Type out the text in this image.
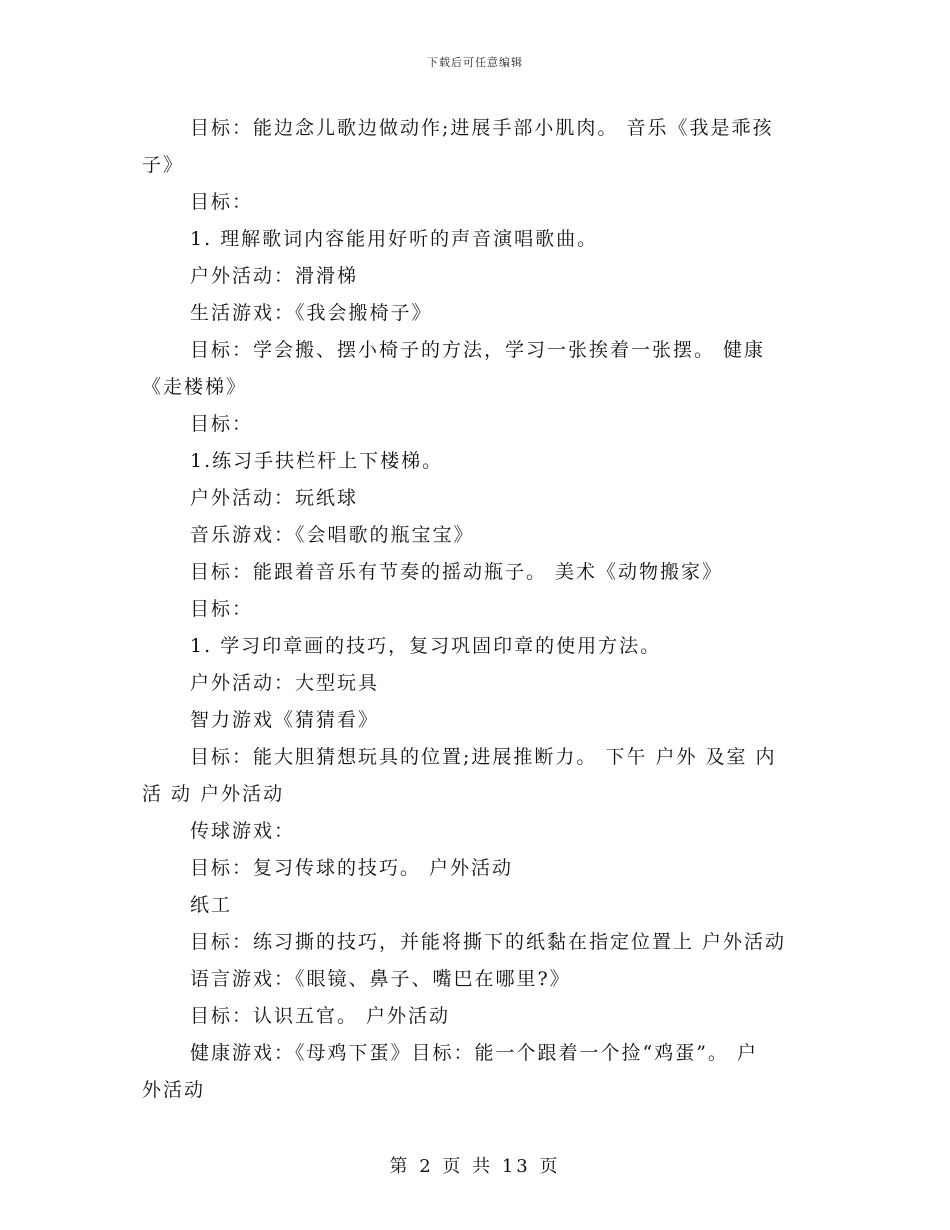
下载后可任意编辑
目标：能边念儿歌边做动作;进展手部小肌肉。 音乐《我是乖孩
子》
目标：
1. 理解歌词内容能用好听的声音演唱歌曲。
户外活动：滑滑梯
生活游戏：《我会搬椅子》
目标：学会搬、摆小椅子的方法，学习一张挨着一张摆。 健康
《走楼梯》
目标：
1.练习手扶栏杆上下楼梯。
户外活动：玩纸球
音乐游戏：《会唱歌的瓶宝宝》
目标：能跟着音乐有节奏的摇动瓶子。 美术《动物搬家》
目标：
1. 学习印章画的技巧，复习巩固印章的使用方法。
户外活动：大型玩具
智力游戏《猜猜看》
目标：能大胆猜想玩具的位置;进展推断力。 下午 户外 及室 内
活 动 户外活动
传球游戏：
目标：复习传球的技巧。 户外活动
纸工
目标：练习撕的技巧，并能将撕下的纸黏在指定位置上 户外活动
语言游戏：《眼镜、鼻子、嘴巴在哪里?》
目标：认识五官。 户外活动
健康游戏：《母鸡下蛋》目标：能一个跟着一个捡“鸡蛋”。 户
外活动
第 2 页 共 13 页
